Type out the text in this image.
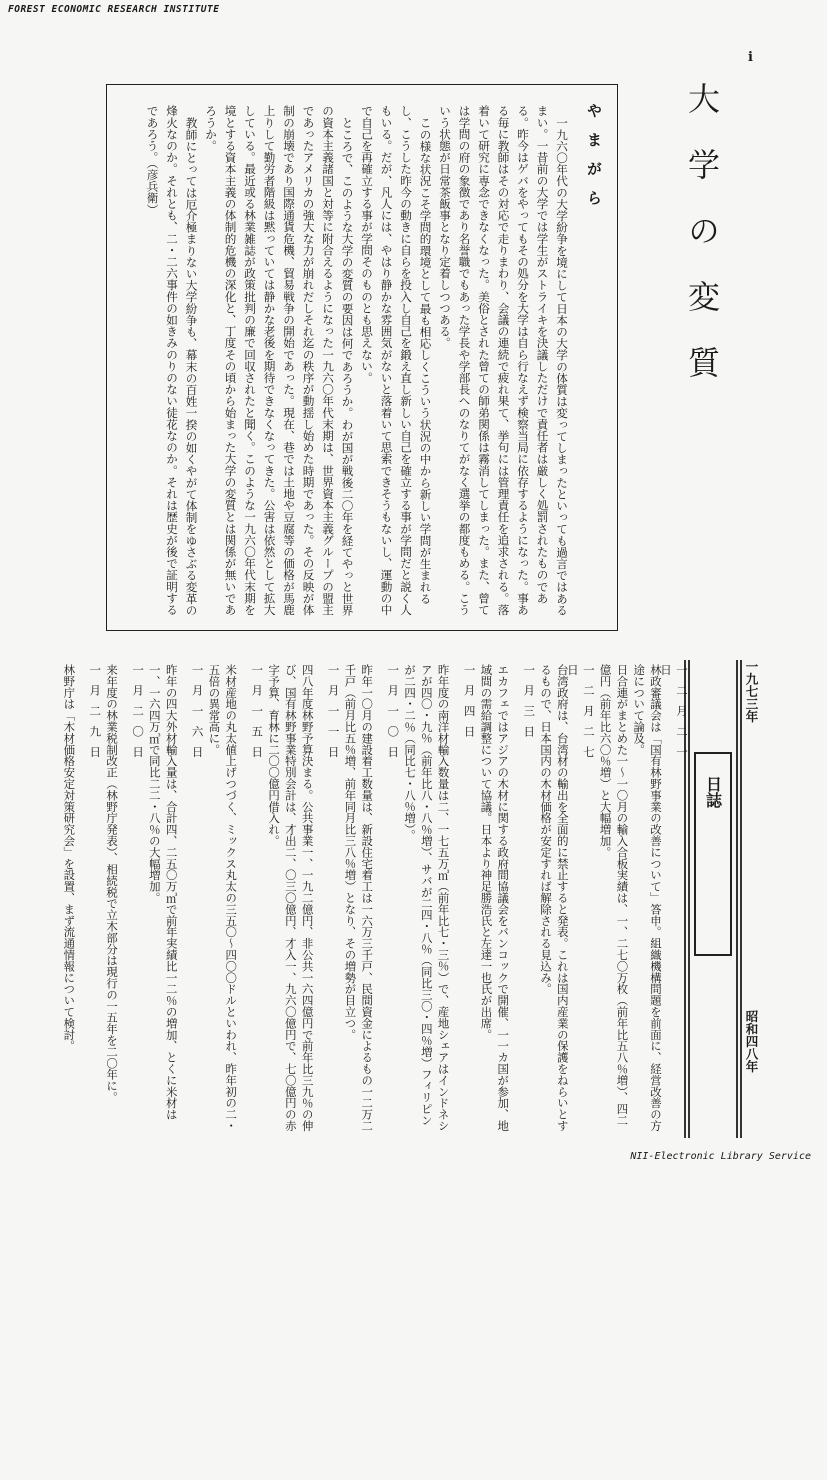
FOREST ECONOMIC RESEARCH INSTITUTE
i
やまがら

一九六〇年代の大学紛争を境にして日本の大学の体質は変ってしまったといっても過言ではあるまい。一昔前の大学では学生がストライキを決議しただけで責任者は厳しく処罰されたものである。昨今はゲバをやってもその処分を大学は自ら行なえず検察当局に依存するようになった。事ある毎に教師はその対応で走りまわり、会議の連続で疲れ果て、挙句には管理責任を追求される。落着いて研究に専念できなくなった。美俗とされた曾ての師弟関係は霧消してしまった。また、曾ては学問の府の象徴であり名誉職でもあった学長や学部長へのなりてがなく選挙の都度もめる。こういう状態が日常茶飯事となり定着しつつある。

この様な状況こそ学問的環境として最も相応しくこういう状況の中から新しい学問が生まれるし、こうした昨今の動きに自らを投入し自己を鍛え直し新しい自己を確立する事が学問だと説く人もいる。だが、凡人には、やはり静かな雰囲気がないと落着いて思索できそうもないし、運動の中で自己を再確立する事が学問そのものとも思えない。

ところで、このような大学の変質の要因は何であろうか。わが国が戦後二〇年を経てやっと世界の資本主義諸国と対等に附合えるようになった一九六〇年代末期は、世界資本主義グループの盟主であったアメリカの強大な力が崩れだしそれ迄の秩序が動揺し始めた時期であった。その反映が体制の崩壊であり国際通貨危機、貿易戦争の開始であった。現在、巷では土地や豆腐等の価格が馬鹿上りして勤労者階級は黙っていては静かな老後を期待できなくなってきた。公害は依然として拡大している。最近或る林業雑誌が政策批判の廉で回収されたと聞く。このような一九六〇年代末期を境とする資本主義の体制的危機の深化と、丁度その頃から始まった大学の変質とは関係が無いであろうか。

教師にとっては厄介極まりない大学紛争も、幕末の百姓一揆の如くやがて体制をゆさぶる変革の烽火なのか。それとも、二・二六事件の如きみのりのない徒花なのか。それは歴史が後で証明するであろう。（彦兵衛）	大学の変質
一九七三年
昭和四八年
日誌
一二月二一日

林政審議会は「国有林野事業の改善について」答申。組織機構問題を前面に、経営改善の方途について論及。

日合連がまとめた一～一〇月の輸入合板実績は、一、二七〇万枚（前年比五八％増）、四二億円（前年比六〇％増）と大幅増加。

一二月二七日

台湾政府は、台湾材の輸出を全面的に禁止すると発表。これは国内産業の保護をねらいとするもので、日本国内の木材価格が安定すれば解除される見込み。

一月三日

エカフェではアジアの木材に関する政府間協議会をバンコックで開催、一一カ国が参加、地域間の需給調整について協議。日本より神足勝浩氏と左達一也氏が出席。

一月四日

昨年度の南洋材輸入数量は二、一七五万㎥（前年比七・三％）で、産地シェアはインドネシアが四〇・九％（前年比八・八％増）、サバが二四・八％（同比三〇・四％増）フィリピンが二四・二％（同比七・八％増）。

一月一〇日

昨年一〇月の建設着工数量は、新設住宅着工は一六万三千戸、民間資金によるもの一二万二千戸（前月比五％増、前年同月比三八％増）となり、その増勢が目立つ。

一月一一日

四八年度林野予算決まる。公共事業一、一九二億円、非公共一六四億円で前年比三九％の伸び、国有林野事業特別会計は、才出二、〇三〇億円、才入一、九六〇億円で、七〇億円の赤字予算、育林に二〇〇億円借入れ。

一月一五日

米材産地の丸太値上げつづく、ミックス丸太の三五〇～四〇〇ドルといわれ、昨年初の二・五倍の異常高に。

一月一六日

昨年の四大外材輸入量は、合計四、二五〇万㎥で前年実績比一二％の増加、とくに米材は一、一六四万㎥で同比二二・八％の大幅増加。

一月二〇日

来年度の林業税制改正（林野庁発表）、相続税で立木部分は現行の一五年を二〇年に。

一月二九日

林野庁は「木材価格安定対策研究会」を設置、まず流通情報について検討。

NII-Electronic Library Service
